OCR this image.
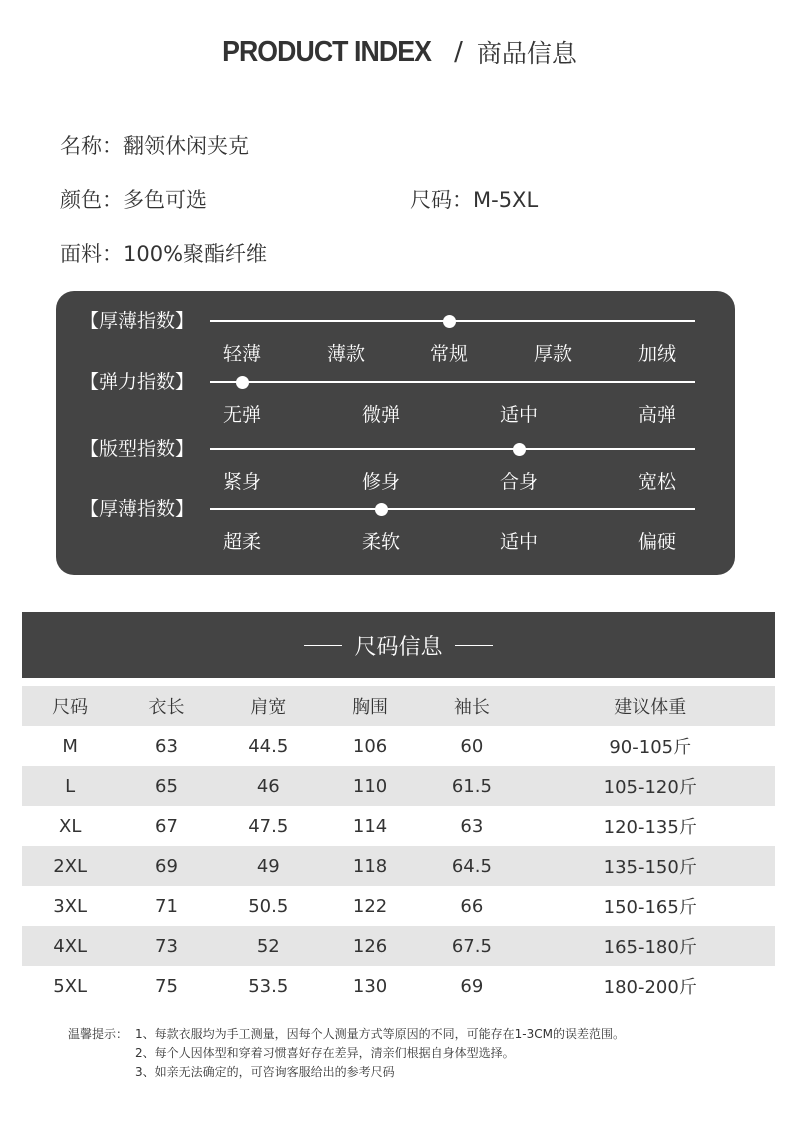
PRODUCT INDEX / 商品信息
名称：翻领休闲夹克
颜色：多色可选	尺码：M-5XL
面料：100%聚酯纤维
【厚薄指数】
轻薄	薄款	常规	厚款	加绒
【弹力指数】
无弹	微弹	适中	高弹
【版型指数】
紧身	修身	合身	宽松
【厚薄指数】
超柔	柔软	适中	偏硬
尺码信息
尺码	衣长	肩宽	胸围	袖长	建议体重
M	63	44.5	106	60	90-105斤
L	65	46	110	61.5	105-120斤
XL	67	47.5	114	63	120-135斤
2XL	69	49	118	64.5	135-150斤
3XL	71	50.5	122	66	150-165斤
4XL	73	52	126	67.5	165-180斤
5XL	75	53.5	130	69	180-200斤
温馨提示： 1、每款衣服均为手工测量，因每个人测量方式等原因的不同，可能存在1-3CM的误差范围。
2、每个人因体型和穿着习惯喜好存在差异，清亲们根据自身体型选择。
3、如亲无法确定的，可咨询客服给出的参考尺码
